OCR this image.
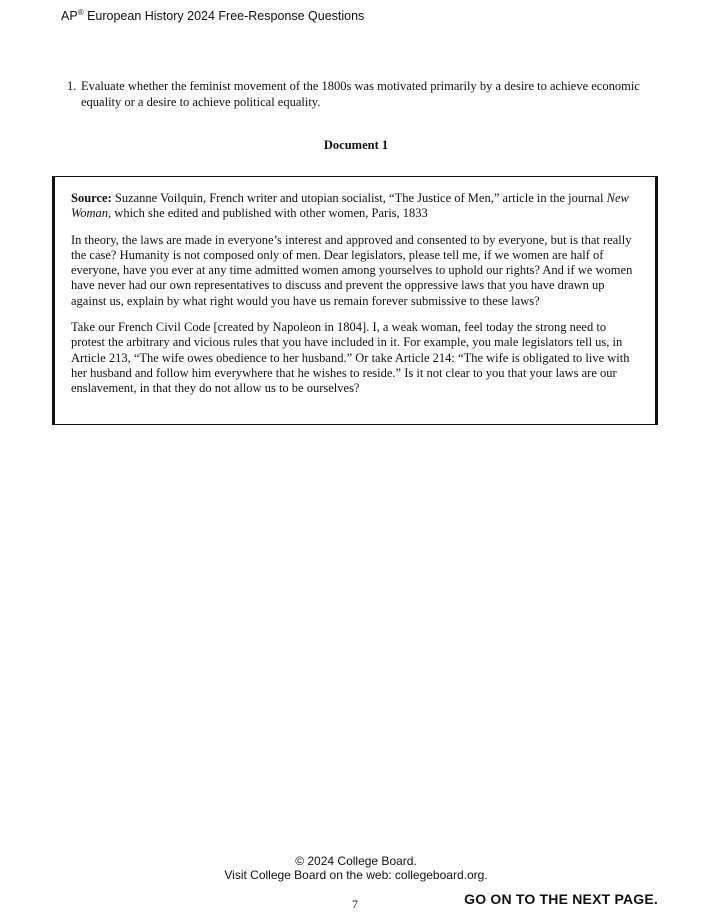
AP® European History 2024 Free-Response Questions
1. Evaluate whether the feminist movement of the 1800s was motivated primarily by a desire to achieve economic equality or a desire to achieve political equality.
Document 1

Source: Suzanne Voilquin, French writer and utopian socialist, “The Justice of Men,” article in the journal New Woman, which she edited and published with other women, Paris, 1833

In theory, the laws are made in everyone’s interest and approved and consented to by everyone, but is that really the case? Humanity is not composed only of men. Dear legislators, please tell me, if we women are half of everyone, have you ever at any time admitted women among yourselves to uphold our rights? And if we women have never had our own representatives to discuss and prevent the oppressive laws that you have drawn up against us, explain by what right would you have us remain forever submissive to these laws?

Take our French Civil Code [created by Napoleon in 1804]. I, a weak woman, feel today the strong need to protest the arbitrary and vicious rules that you have included in it. For example, you male legislators tell us, in Article 213, “The wife owes obedience to her husband.” Or take Article 214: “The wife is obligated to live with her husband and follow him everywhere that he wishes to reside.” Is it not clear to you that your laws are our enslavement, in that they do not allow us to be ourselves?

© 2024 College Board.
Visit College Board on the web: collegeboard.org.
7	GO ON TO THE NEXT PAGE.
